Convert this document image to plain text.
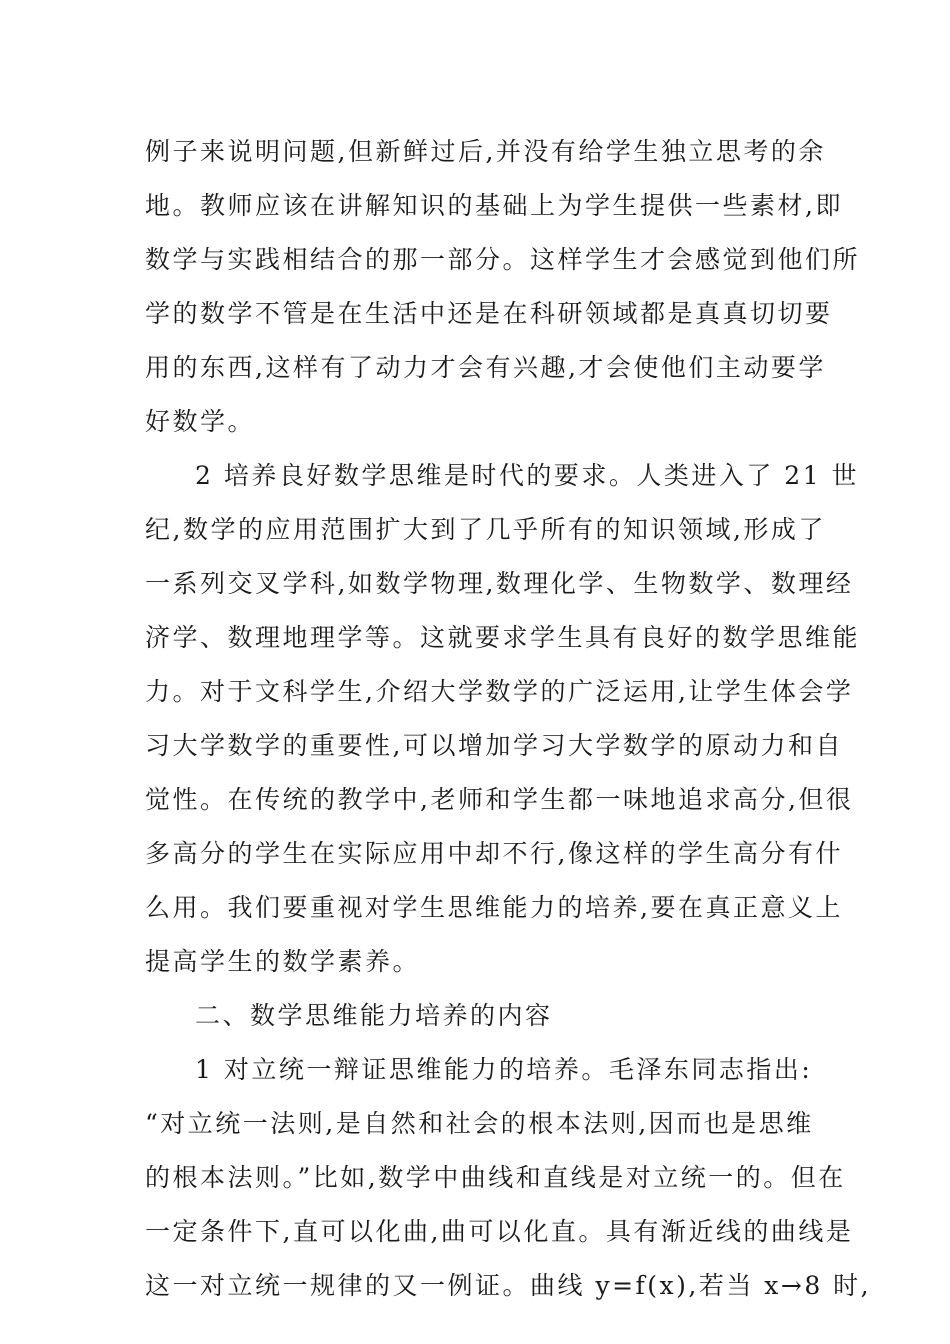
例子来说明问题,但新鲜过后,并没有给学生独立思考的余
地。教师应该在讲解知识的基础上为学生提供一些素材,即
数学与实践相结合的那一部分。这样学生才会感觉到他们所
学的数学不管是在生活中还是在科研领域都是真真切切要
用的东西,这样有了动力才会有兴趣,才会使他们主动要学
好数学。
2 培养良好数学思维是时代的要求。人类进入了 21 世
纪,数学的应用范围扩大到了几乎所有的知识领域,形成了
一系列交叉学科,如数学物理,数理化学、生物数学、数理经
济学、数理地理学等。这就要求学生具有良好的数学思维能
力。对于文科学生,介绍大学数学的广泛运用,让学生体会学
习大学数学的重要性,可以增加学习大学数学的原动力和自
觉性。在传统的教学中,老师和学生都一味地追求高分,但很
多高分的学生在实际应用中却不行,像这样的学生高分有什
么用。我们要重视对学生思维能力的培养,要在真正意义上
提高学生的数学素养。
二、数学思维能力培养的内容
1 对立统一辩证思维能力的培养。毛泽东同志指出:
“对立统一法则,是自然和社会的根本法则,因而也是思维
的根本法则。”比如,数学中曲线和直线是对立统一的。但在
一定条件下,直可以化曲,曲可以化直。具有渐近线的曲线是
这一对立统一规律的又一例证。曲线 y=f(x),若当 x→8 时,
